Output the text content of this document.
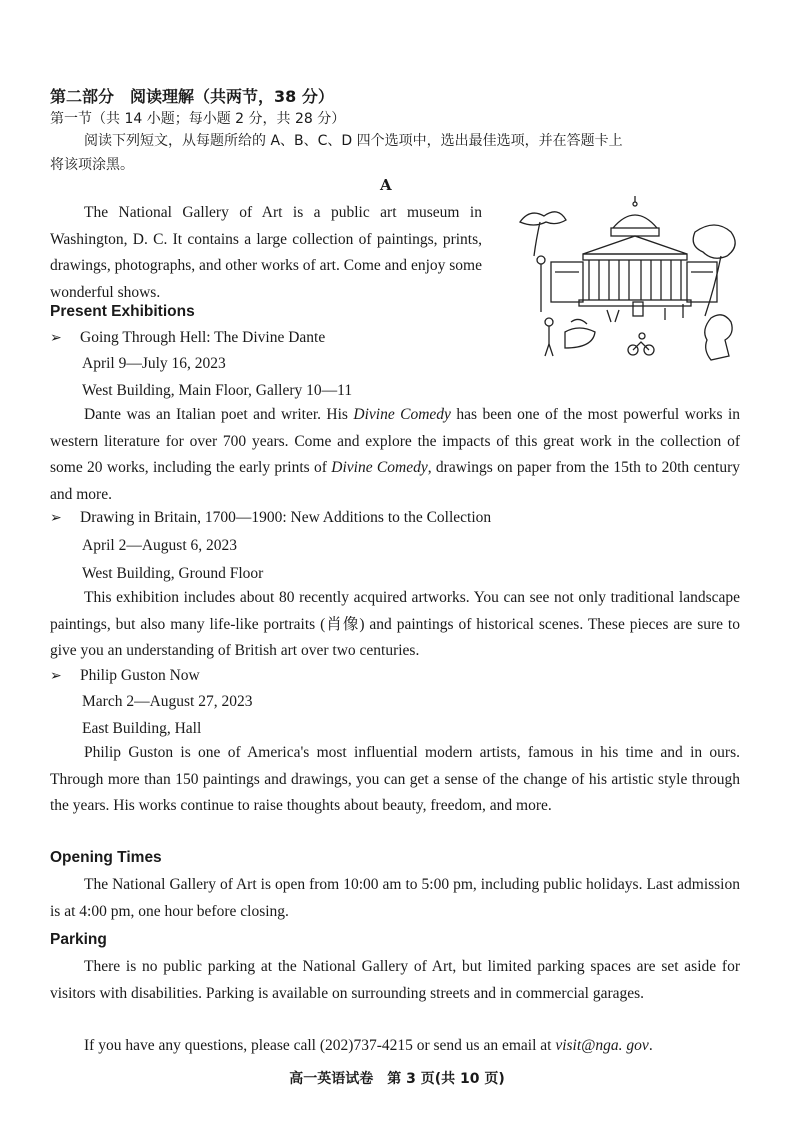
第二部分　阅读理解（共两节，38 分）
第一节（共 14 小题；每小题 2 分，共 28 分）
阅读下列短文，从每题所给的 A、B、C、D 四个选项中，选出最佳选项，并在答题卡上
将该项涂黑。
A
The National Gallery of Art is a public art museum in Washington, D. C. It contains a large collection of paintings, prints, drawings, photographs, and other works of art. Come and enjoy some wonderful shows.
Present Exhibitions
➢ Going Through Hell: The Divine Dante
April 9—July 16, 2023
West Building, Main Floor, Gallery 10—11
Dante was an Italian poet and writer. His Divine Comedy has been one of the most powerful works in western literature for over 700 years. Come and explore the impacts of this great work in the collection of some 20 works, including the early prints of Divine Comedy, drawings on paper from the 15th to 20th century and more.
➢ Drawing in Britain, 1700—1900: New Additions to the Collection
April 2—August 6, 2023
West Building, Ground Floor
This exhibition includes about 80 recently acquired artworks. You can see not only traditional landscape paintings, but also many life-like portraits (肖像) and paintings of historical scenes. These pieces are sure to give you an understanding of British art over two centuries.
➢ Philip Guston Now
March 2—August 27, 2023
East Building, Hall
Philip Guston is one of America's most influential modern artists, famous in his time and in ours. Through more than 150 paintings and drawings, you can get a sense of the change of his artistic style through the years. His works continue to raise thoughts about beauty, freedom, and more.
Opening Times
The National Gallery of Art is open from 10:00 am to 5:00 pm, including public holidays. Last admission is at 4:00 pm, one hour before closing.
Parking
There is no public parking at the National Gallery of Art, but limited parking spaces are set aside for visitors with disabilities. Parking is available on surrounding streets and in commercial garages.
If you have any questions, please call (202)737-4215 or send us an email at visit@nga. gov.
高一英语试卷　第 3 页(共 10 页)
